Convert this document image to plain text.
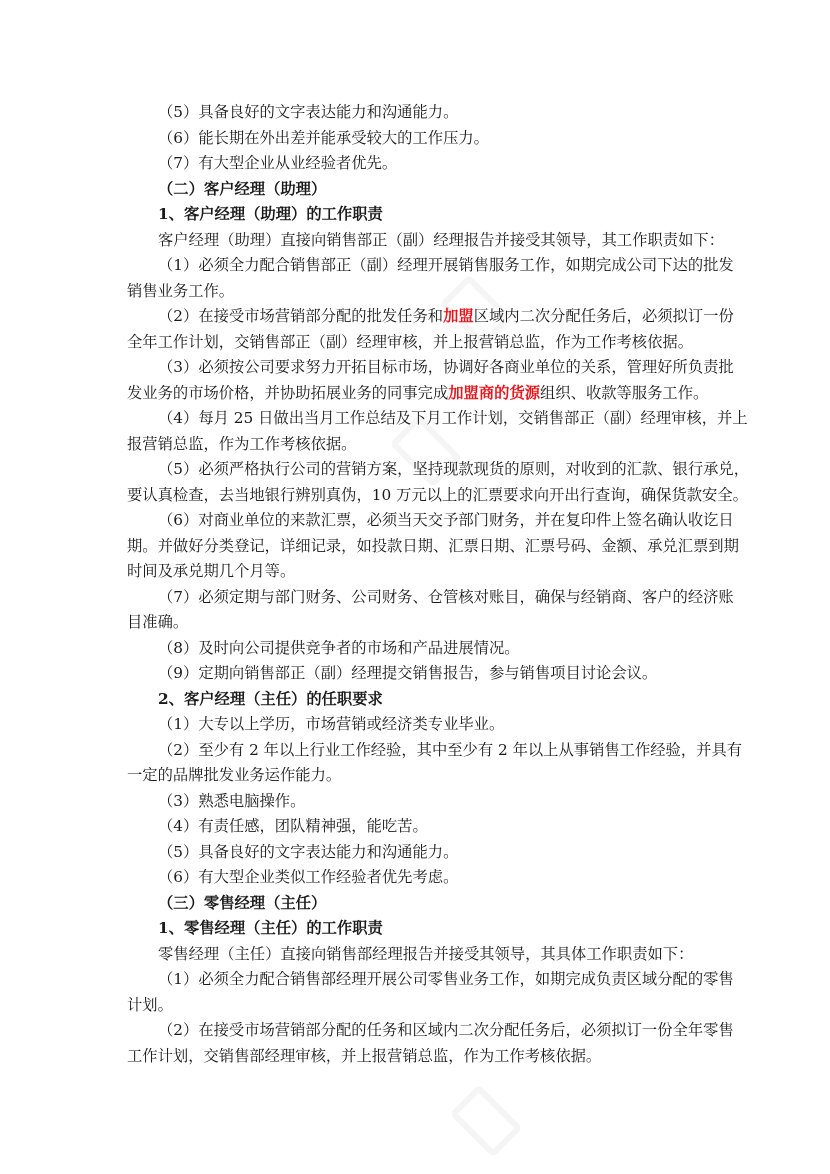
（5）具备良好的文字表达能力和沟通能力。

（6）能长期在外出差并能承受较大的工作压力。

（7）有大型企业从业经验者优先。

（二）客户经理（助理）

1、客户经理（助理）的工作职责

客户经理（助理）直接向销售部正（副）经理报告并接受其领导，其工作职责如下：

（1）必须全力配合销售部正（副）经理开展销售服务工作，如期完成公司下达的批发

销售业务工作。

（2）在接受市场营销部分配的批发任务和加盟区域内二次分配任务后，必须拟订一份

全年工作计划，交销售部正（副）经理审核，并上报营销总监，作为工作考核依据。

（3）必须按公司要求努力开拓目标市场，协调好各商业单位的关系，管理好所负责批

发业务的市场价格，并协助拓展业务的同事完成加盟商的货源组织、收款等服务工作。

（4）每月 25 日做出当月工作总结及下月工作计划，交销售部正（副）经理审核，并上

报营销总监，作为工作考核依据。

（5）必须严格执行公司的营销方案，坚持现款现货的原则，对收到的汇款、银行承兑，

要认真检查，去当地银行辨别真伪，10 万元以上的汇票要求向开出行查询，确保货款安全。

（6）对商业单位的来款汇票，必须当天交予部门财务，并在复印件上签名确认收讫日

期。并做好分类登记，详细记录，如投款日期、汇票日期、汇票号码、金额、承兑汇票到期

时间及承兑期几个月等。

（7）必须定期与部门财务、公司财务、仓管核对账目，确保与经销商、客户的经济账

目准确。

（8）及时向公司提供竞争者的市场和产品进展情况。

（9）定期向销售部正（副）经理提交销售报告，参与销售项目讨论会议。

2、客户经理（主任）的任职要求

（1）大专以上学历，市场营销或经济类专业毕业。

（2）至少有 2 年以上行业工作经验，其中至少有 2 年以上从事销售工作经验，并具有

一定的品牌批发业务运作能力。

（3）熟悉电脑操作。

（4）有责任感，团队精神强，能吃苦。

（5）具备良好的文字表达能力和沟通能力。

（6）有大型企业类似工作经验者优先考虑。

（三）零售经理（主任）

1、零售经理（主任）的工作职责

零售经理（主任）直接向销售部经理报告并接受其领导，其具体工作职责如下：

（1）必须全力配合销售部经理开展公司零售业务工作，如期完成负责区域分配的零售

计划。

（2）在接受市场营销部分配的任务和区域内二次分配任务后，必须拟订一份全年零售

工作计划，交销售部经理审核，并上报营销总监，作为工作考核依据。
